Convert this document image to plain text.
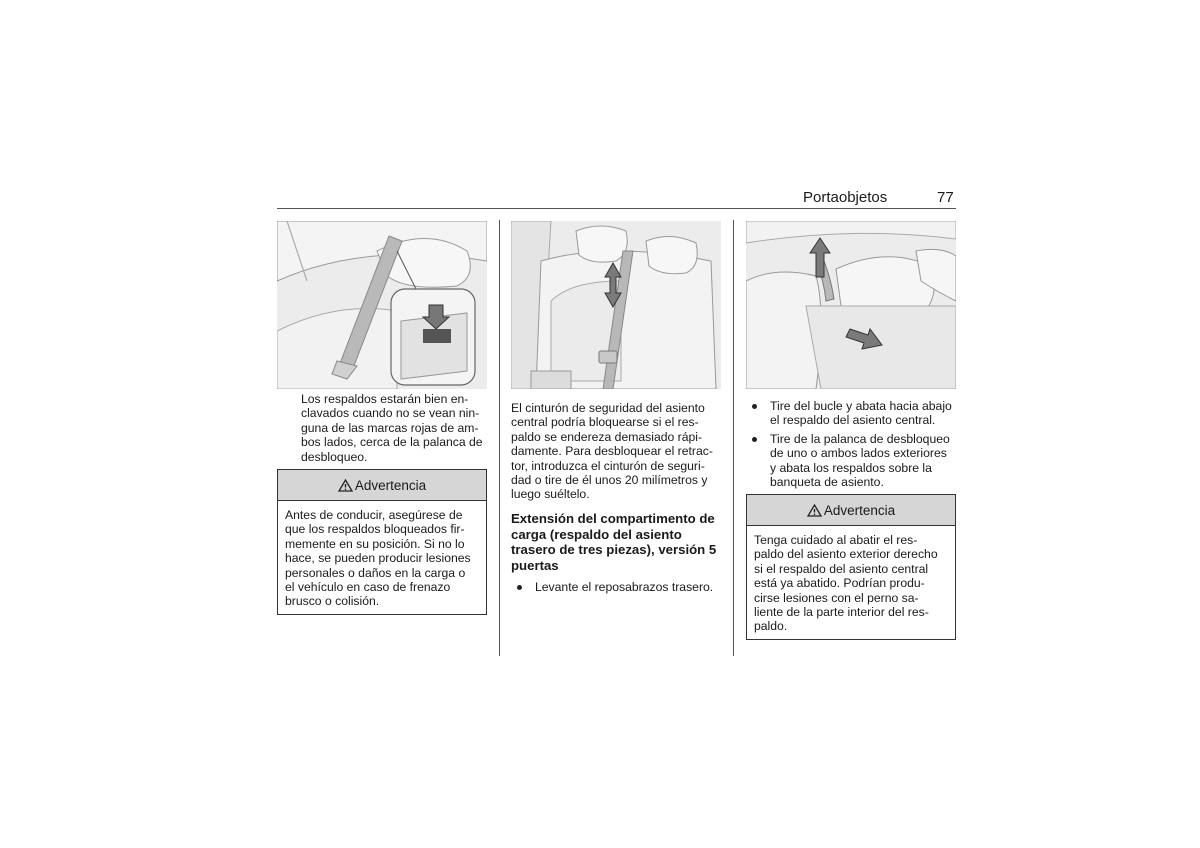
Portaobjetos	77
Los respaldos estarán bien en-
clavados cuando no se vean nin-
guna de las marcas rojas de am-
bos lados, cerca de la palanca de
desbloqueo.
Advertencia
Antes de conducir, asegúrese de
que los respaldos bloqueados fir-
memente en su posición. Si no lo
hace, se pueden producir lesiones
personales o daños en la carga o
el vehículo en caso de frenazo
brusco o colisión.
El cinturón de seguridad del asiento
central podría bloquearse si el res-
paldo se endereza demasiado rápi-
damente. Para desbloquear el retrac-
tor, introduzca el cinturón de seguri-
dad o tire de él unos 20 milímetros y
luego suéltelo.
Extensión del compartimento de
carga (respaldo del asiento
trasero de tres piezas), versión 5
puertas
Levante el reposabrazos trasero.
Tire del bucle y abata hacia abajo
el respaldo del asiento central.
Tire de la palanca de desbloqueo
de uno o ambos lados exteriores
y abata los respaldos sobre la
banqueta de asiento.
Advertencia
Tenga cuidado al abatir el res-
paldo del asiento exterior derecho
si el respaldo del asiento central
está ya abatido. Podrían produ-
cirse lesiones con el perno sa-
liente de la parte interior del res-
paldo.
